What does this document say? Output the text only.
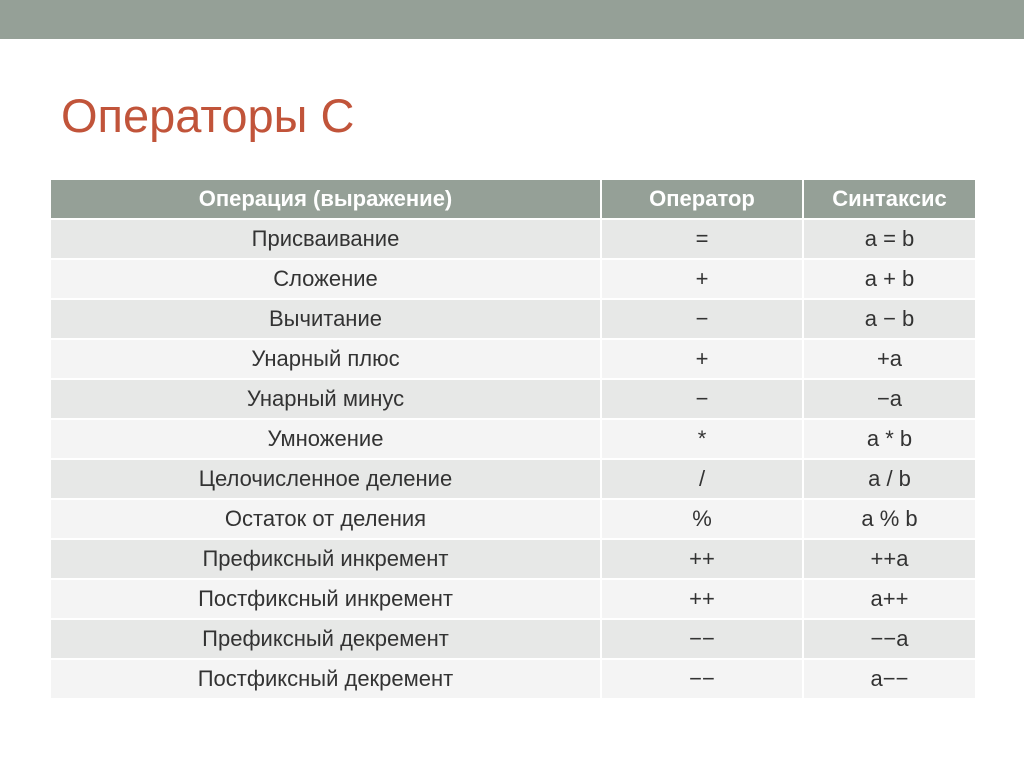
Операторы C
Операция (выражение)	Оператор	Синтаксис
Присваивание	=	a = b
Сложение	+	a + b
Вычитание	−	a − b
Унарный плюс	+	+a
Унарный минус	−	−a
Умножение	*	a * b
Целочисленное деление	/	a / b
Остаток от деления	%	a % b
Префиксный инкремент	++	++a
Постфиксный инкремент	++	a++
Префиксный декремент	−−	−−a
Постфиксный декремент	−−	a−−
